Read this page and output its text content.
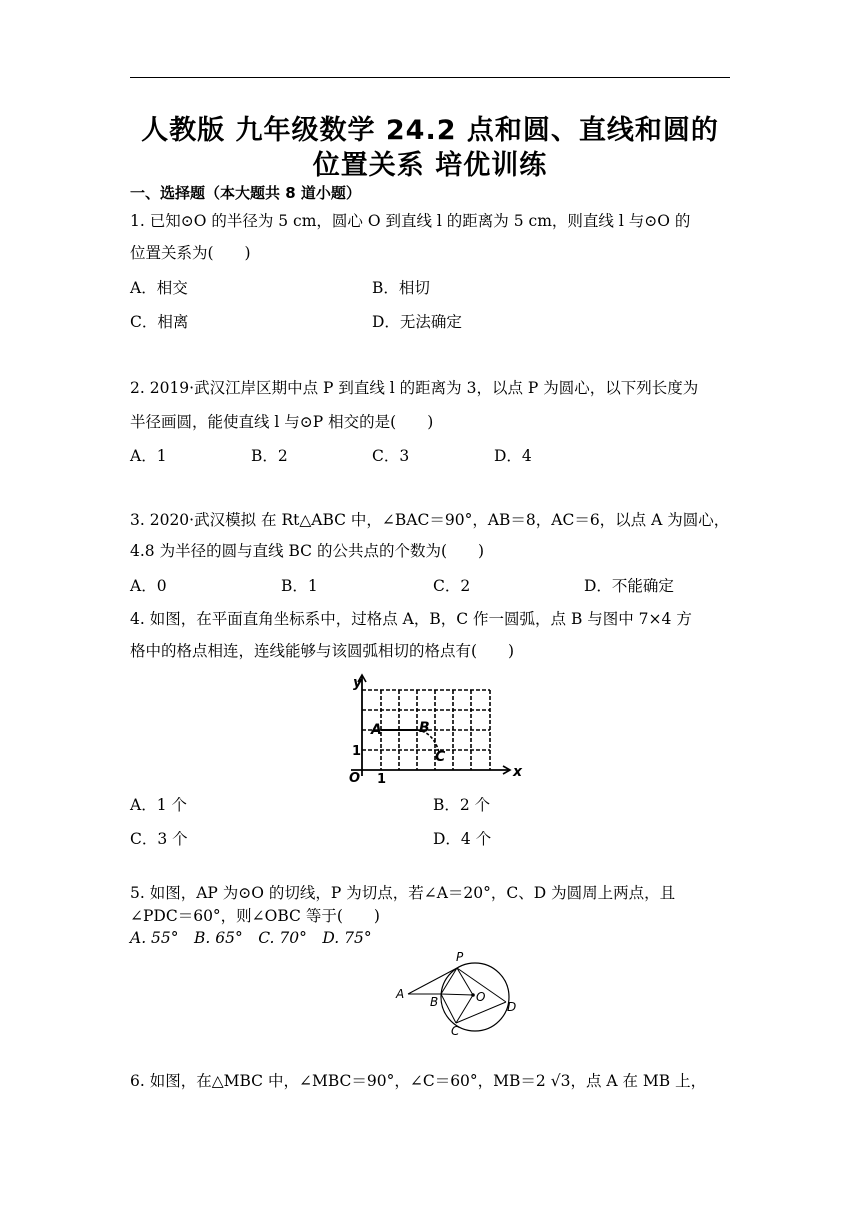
人教版 九年级数学 24.2 点和圆、直线和圆的
位置关系 培优训练
一、选择题（本大题共 8 道小题）
1. 已知⊙O 的半径为 5 cm，圆心 O 到直线 l 的距离为 5 cm，则直线 l 与⊙O 的
位置关系为(　　)
A．相交	B．相切
C．相离	D．无法确定
2. 2019·武汉江岸区期中点 P 到直线 l 的距离为 3，以点 P 为圆心，以下列长度为
半径画圆，能使直线 l 与⊙P 相交的是(　　)
A．1	B．2	C．3	D．4
3. 2020·武汉模拟 在 Rt△ABC 中，∠BAC＝90°，AB＝8，AC＝6，以点 A 为圆心，
4.8 为半径的圆与直线 BC 的公共点的个数为(　　)
A．0	B．1	C．2	D．不能确定
4. 如图，在平面直角坐标系中，过格点 A，B，C 作一圆弧，点 B 与图中 7×4 方
格中的格点相连，连线能够与该圆弧相切的格点有(　　)
y
x
O 1
1
A	B
C
A．1 个	B．2 个
C．3 个	D．4 个
5. 如图，AP 为⊙O 的切线，P 为切点，若∠A＝20°，C、D 为圆周上两点，且
∠PDC＝60°，则∠OBC 等于(　　)
A. 55°　B. 65°　C. 70°　D. 75°
A
B
C
D
O
P
6. 如图，在△MBC 中，∠MBC＝90°，∠C＝60°，MB＝2 √3，点 A 在 MB 上，
